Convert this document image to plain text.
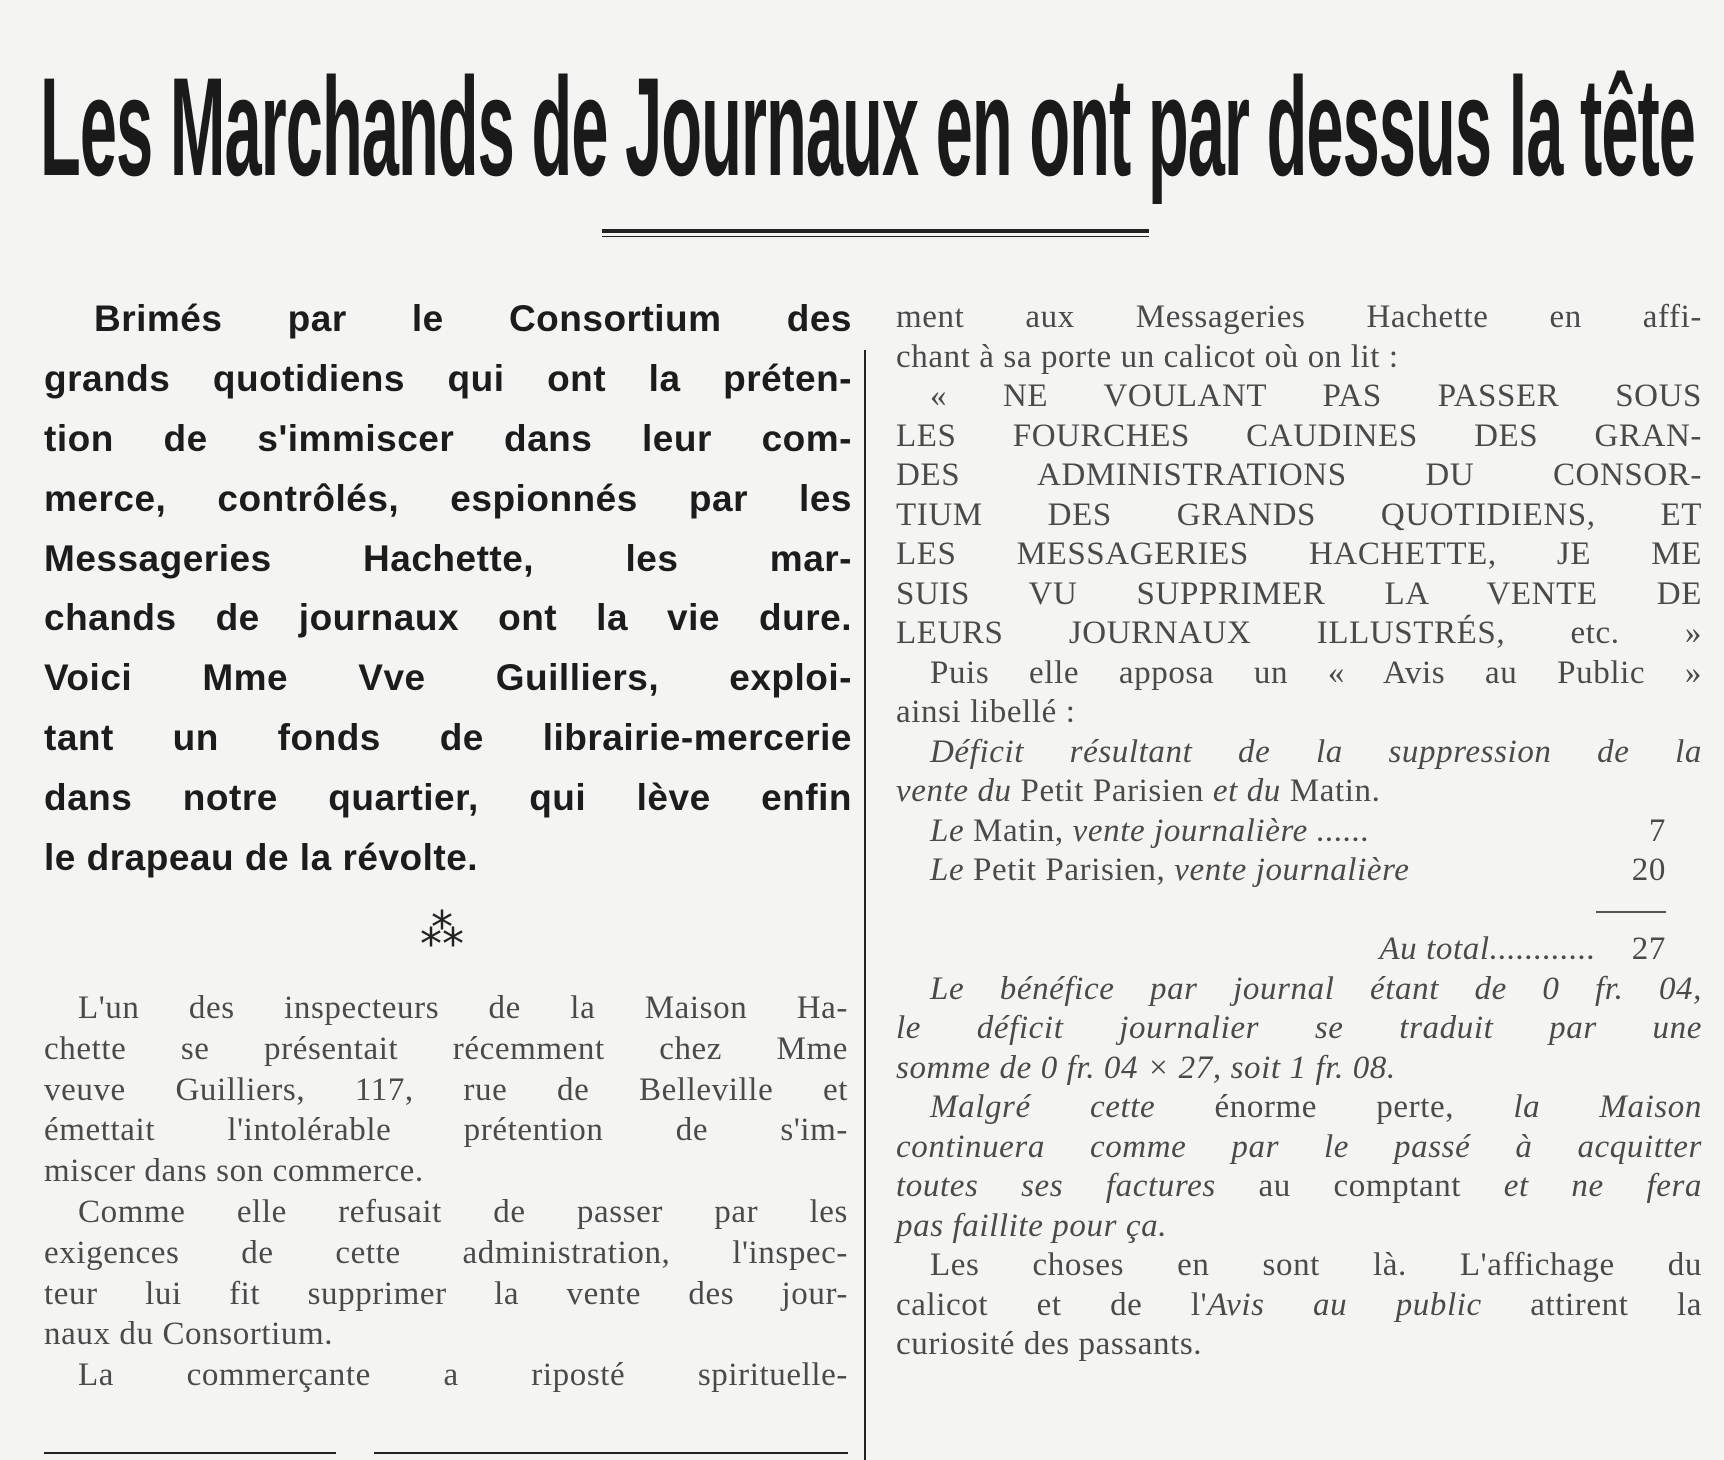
Les Marchands de Journaux en ont par dessus la tête
Brimés par le Consortium des
grands quotidiens qui ont la préten-
tion de s'immiscer dans leur com-
merce, contrôlés, espionnés par les
Messageries Hachette, les mar-
chands de journaux ont la vie dure.
Voici Mme Vve Guilliers, exploi-
tant un fonds de librairie-mercerie
dans notre quartier, qui lève enfin
le drapeau de la révolte.
⁂
L'un des inspecteurs de la Maison Ha-
chette se présentait récemment chez Mme
veuve Guilliers, 117, rue de Belleville et
émettait l'intolérable prétention de s'im-
miscer dans son commerce.
Comme elle refusait de passer par les
exigences de cette administration, l'inspec-
teur lui fit supprimer la vente des jour-
naux du Consortium.
La commerçante a riposté spirituelle-
ment aux Messageries Hachette en affi-
chant à sa porte un calicot où on lit :
« NE VOULANT PAS PASSER SOUS
LES FOURCHES CAUDINES DES GRAN-
DES ADMINISTRATIONS DU CONSOR-
TIUM DES GRANDS QUOTIDIENS, ET
LES MESSAGERIES HACHETTE, JE ME
SUIS VU SUPPRIMER LA VENTE DE
LEURS JOURNAUX ILLUSTRÉS, etc. »
Puis elle apposa un « Avis au Public »
ainsi libellé :
Déficit résultant de la suppression de la
vente du Petit Parisien et du Matin.
Le Matin, vente journalière ......	7
Le Petit Parisien, vente journalière	20
Au total............ 27
Le bénéfice par journal étant de 0 fr. 04,
le déficit journalier se traduit par une
somme de 0 fr. 04 × 27, soit 1 fr. 08.
Malgré cette énorme perte, la Maison
continuera comme par le passé à acquitter
toutes ses factures au comptant et ne fera
pas faillite pour ça.
Les choses en sont là. L'affichage du
calicot et de l'Avis au public attirent la
curiosité des passants.
